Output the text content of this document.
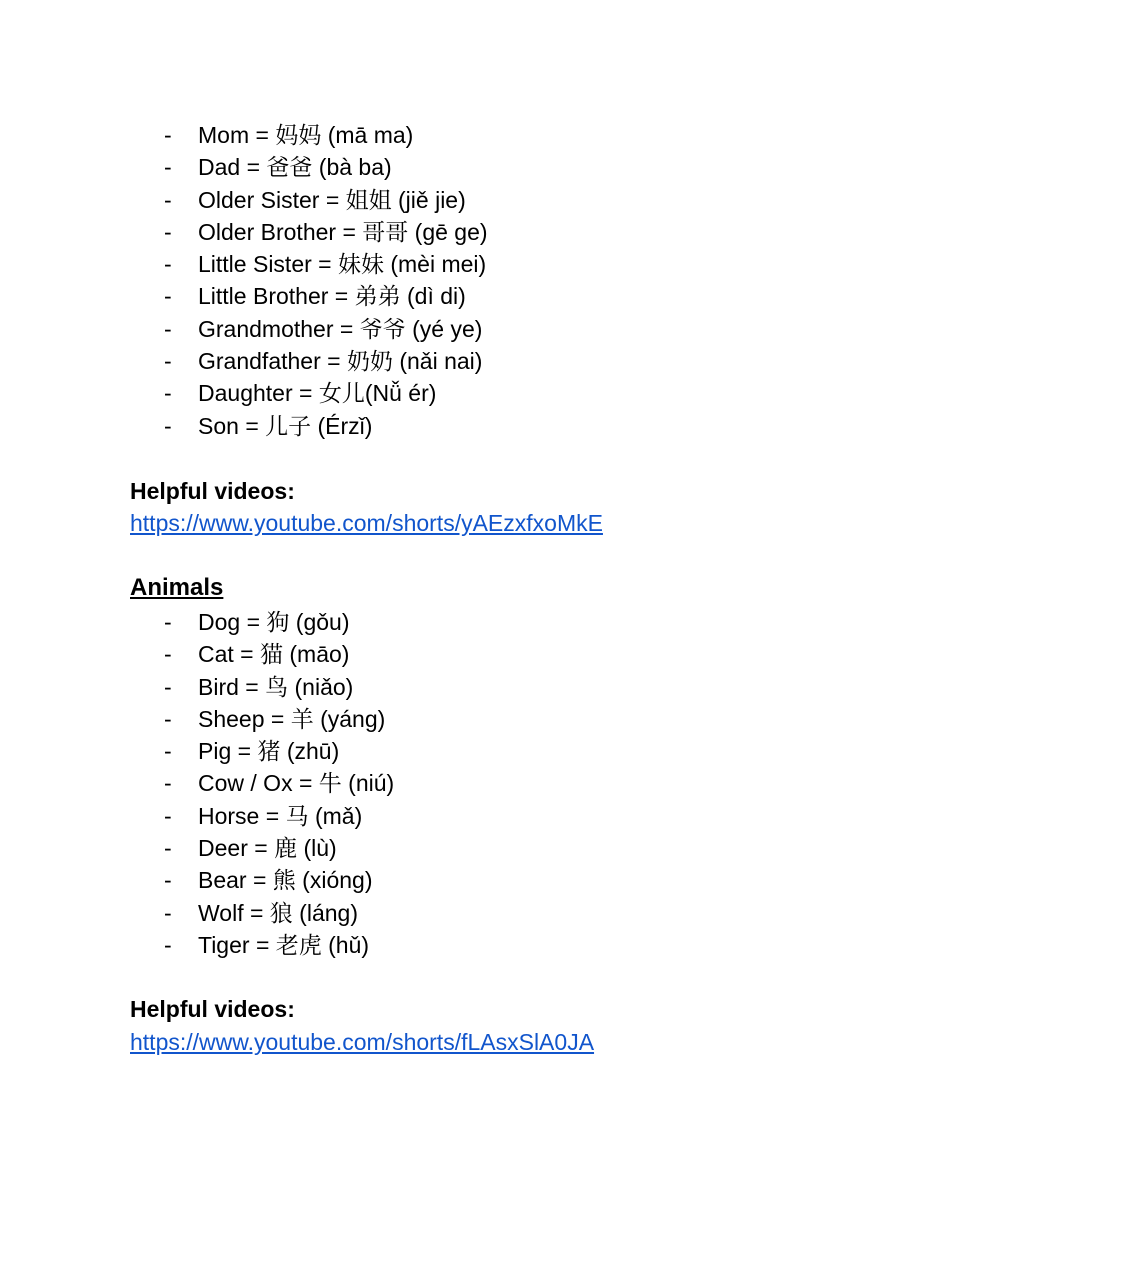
- Mom = 妈妈 (mā ma)
- Dad = 爸爸 (bà ba)
- Older Sister = 姐姐 (jiě jie)
- Older Brother = 哥哥 (gē ge)
- Little Sister = 妹妹 (mèi mei)
- Little Brother = 弟弟 (dì di)
- Grandmother = 爷爷 (yé ye)
- Grandfather = 奶奶 (nǎi nai)
- Daughter = 女儿(Nǚ ér)
- Son = 儿子 (Érzǐ)
Helpful videos:
https://www.youtube.com/shorts/yAEzxfxoMkE
Animals
- Dog = 狗 (gǒu)
- Cat = 猫 (māo)
- Bird = 鸟 (niǎo)
- Sheep = 羊 (yáng)
- Pig = 猪 (zhū)
- Cow / Ox = 牛 (niú)
- Horse = 马 (mǎ)
- Deer = 鹿 (lù)
- Bear = 熊 (xióng)
- Wolf = 狼 (láng)
- Tiger = 老虎 (hǔ)
Helpful videos:
https://www.youtube.com/shorts/fLAsxSlA0JA
